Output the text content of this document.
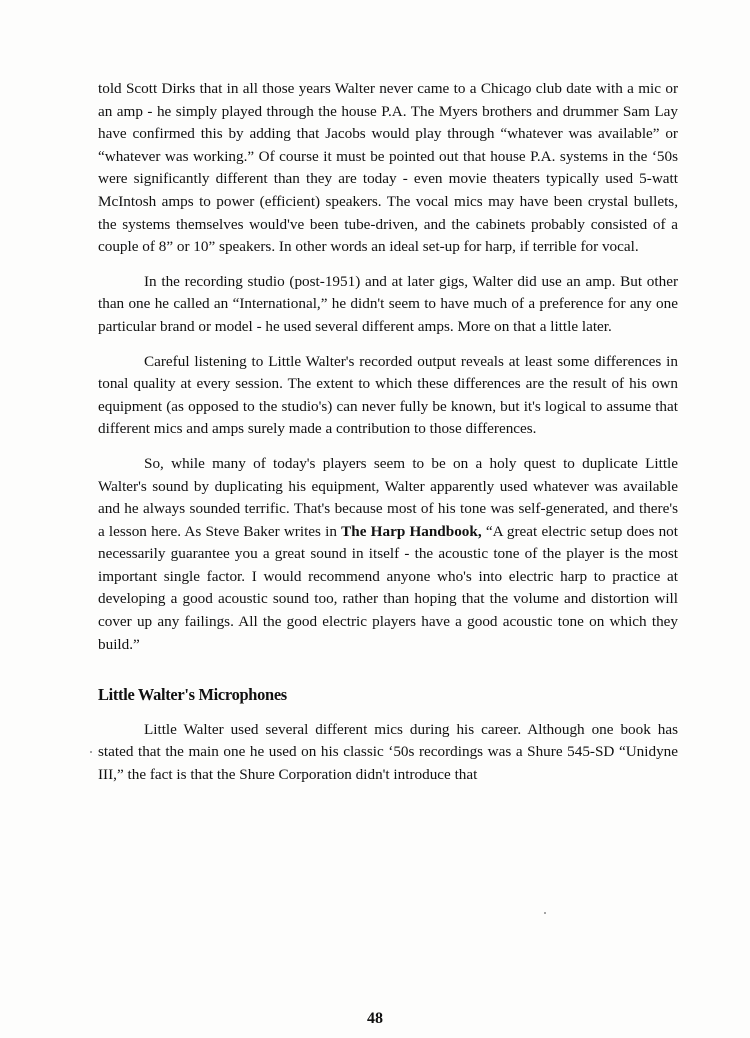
told Scott Dirks that in all those years Walter never came to a Chicago club date with a mic or an amp - he simply played through the house P.A. The Myers brothers and drummer Sam Lay have confirmed this by adding that Jacobs would play through “whatever was available” or “whatever was working.” Of course it must be pointed out that house P.A. systems in the ‘50s were significantly different than they are today - even movie theaters typically used 5-watt McIntosh amps to power (efficient) speakers. The vocal mics may have been crystal bullets, the systems themselves would've been tube-driven, and the cabinets probably consisted of a couple of 8” or 10” speakers. In other words an ideal set-up for harp, if terrible for vocal.

In the recording studio (post-1951) and at later gigs, Walter did use an amp. But other than one he called an “International,” he didn't seem to have much of a preference for any one particular brand or model - he used several different amps. More on that a little later.

Careful listening to Little Walter's recorded output reveals at least some differences in tonal quality at every session. The extent to which these differences are the result of his own equipment (as opposed to the studio's) can never fully be known, but it's logical to assume that different mics and amps surely made a contribution to those differences.

So, while many of today's players seem to be on a holy quest to duplicate Little Walter's sound by duplicating his equipment, Walter apparently used whatever was available and he always sounded terrific. That's because most of his tone was self-generated, and there's a lesson here. As Steve Baker writes in The Harp Handbook, “A great electric setup does not necessarily guarantee you a great sound in itself - the acoustic tone of the player is the most important single factor. I would recommend anyone who's into electric harp to practice at developing a good acoustic sound too, rather than hoping that the volume and distortion will cover up any failings. All the good electric players have a good acoustic tone on which they build.”

Little Walter's Microphones

Little Walter used several different mics during his career. Although one book has stated that the main one he used on his classic ‘50s recordings was a Shure 545-SD “Unidyne III,” the fact is that the Shure Corporation didn't introduce that

48
